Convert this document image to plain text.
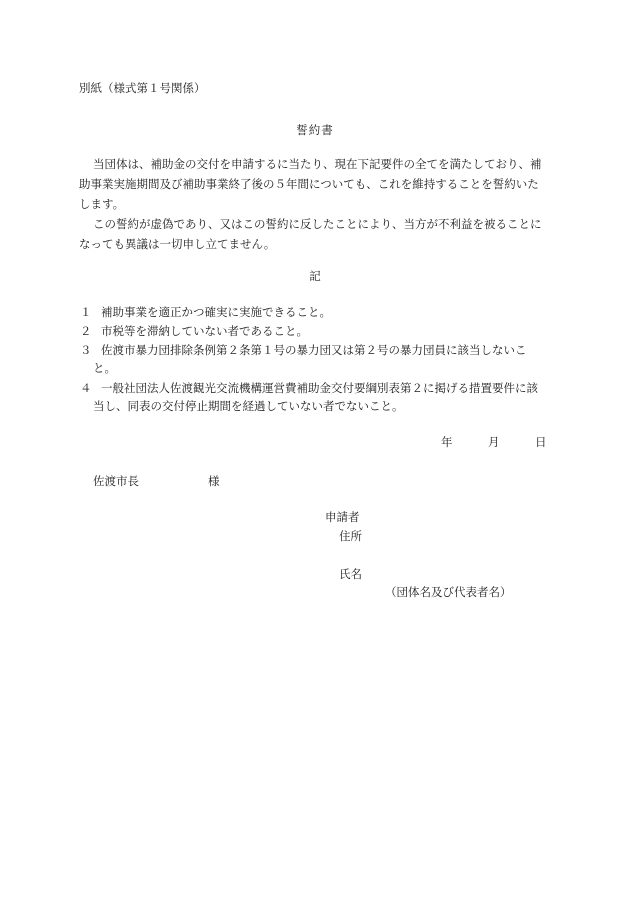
別紙（様式第１号関係）
誓約書
当団体は、補助金の交付を申請するに当たり、現在下記要件の全てを満たしており、補
助事業実施期間及び補助事業終了後の５年間についても、これを維持することを誓約いた
します。
この誓約が虚偽であり、又はこの誓約に反したことにより、当方が不利益を被ることに
なっても異議は一切申し立てません。
記
１ 補助事業を適正かつ確実に実施できること。
２ 市税等を滞納していない者であること。
３ 佐渡市暴力団排除条例第２条第１号の暴力団又は第２号の暴力団員に該当しないこ
と。
４ 一般社団法人佐渡観光交流機構運営費補助金交付要綱別表第２に掲げる措置要件に該
当し、同表の交付停止期間を経過していない者でないこと。
年	月	日
佐渡市長	様
申請者
住所
氏名
（団体名及び代表者名）
